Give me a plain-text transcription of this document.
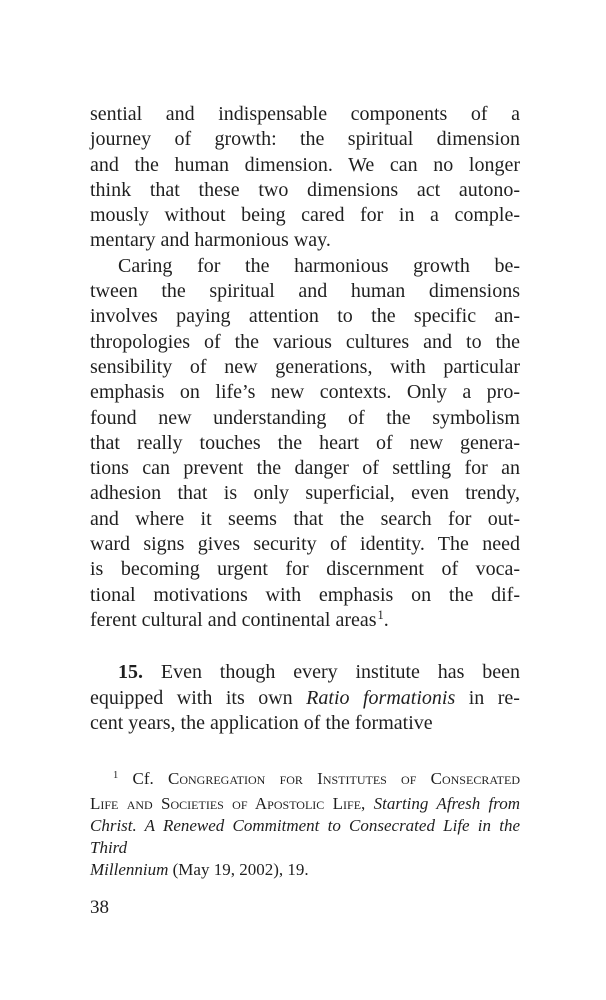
sential and indispensable components of a
journey of growth: the spiritual dimension
and the human dimension. We can no longer
think that these two dimensions act autono-
mously without being cared for in a comple-
mentary and harmonious way.
Caring for the harmonious growth be-
tween the spiritual and human dimensions
involves paying attention to the specific an-
thropologies of the various cultures and to the
sensibility of new generations, with particular
emphasis on life’s new contexts. Only a pro-
found new understanding of the symbolism
that really touches the heart of new genera-
tions can prevent the danger of settling for an
adhesion that is only superficial, even trendy,
and where it seems that the search for out-
ward signs gives security of identity. The need
is becoming urgent for discernment of voca-
tional motivations with emphasis on the dif-
ferent cultural and continental areas$^1$.
15. Even though every institute has been
equipped with its own Ratio formationis in re-
cent years, the application of the formative
$^1$ Cf. Congregation for Institutes of Consecrated
Life and Societies of Apostolic Life, Starting Afresh from
Christ. A Renewed Commitment to Consecrated Life in the Third
Millennium (May 19, 2002), 19.
38
